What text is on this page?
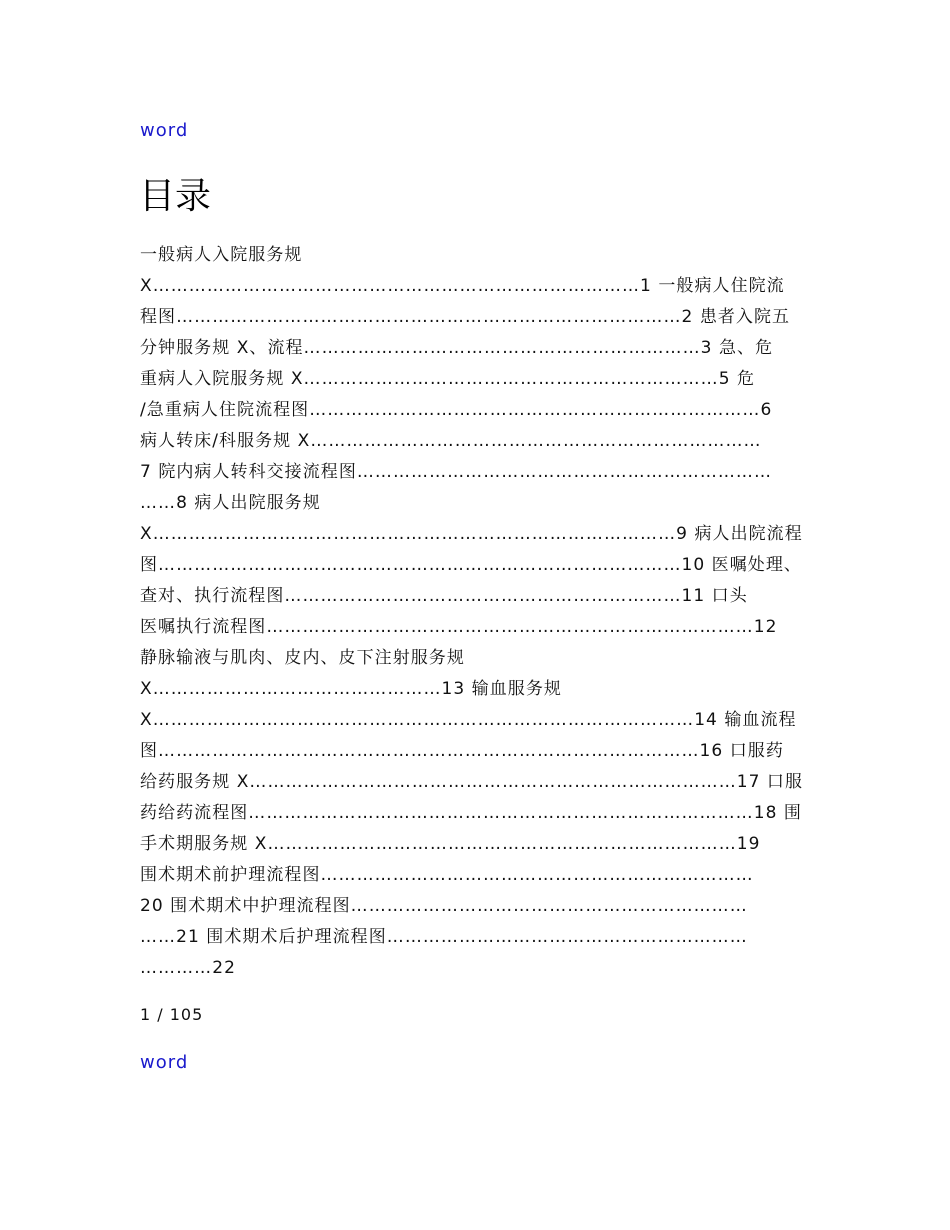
word
目录
一般病人入院服务规
X………………………………………………………………………1 一般病人住院流
程图…………………………………………………………………………2 患者入院五
分钟服务规 X、流程…………………………………………………………3 急、危
重病人入院服务规 X……………………………………………………………5 危
/急重病人住院流程图…………………………………………………………………6
病人转床/科服务规 X…………………………………………………………………
7 院内病人转科交接流程图……………………………………………………………
……8 病人出院服务规
X……………………………………………………………………………9 病人出院流程
图……………………………………………………………………………10 医嘱处理、
查对、执行流程图…………………………………………………………11 口头
医嘱执行流程图………………………………………………………………………12
静脉输液与肌肉、皮内、皮下注射服务规
X…………………………………………13 输血服务规
X………………………………………………………………………………14 输血流程
图………………………………………………………………………………16 口服药
给药服务规 X………………………………………………………………………17 口服
药给药流程图…………………………………………………………………………18 围
手术期服务规 X……………………………………………………………………19
围术期术前护理流程图………………………………………………………………
20 围术期术中护理流程图…………………………………………………………
……21 围术期术后护理流程图……………………………………………………
…………22
1 / 105
word
